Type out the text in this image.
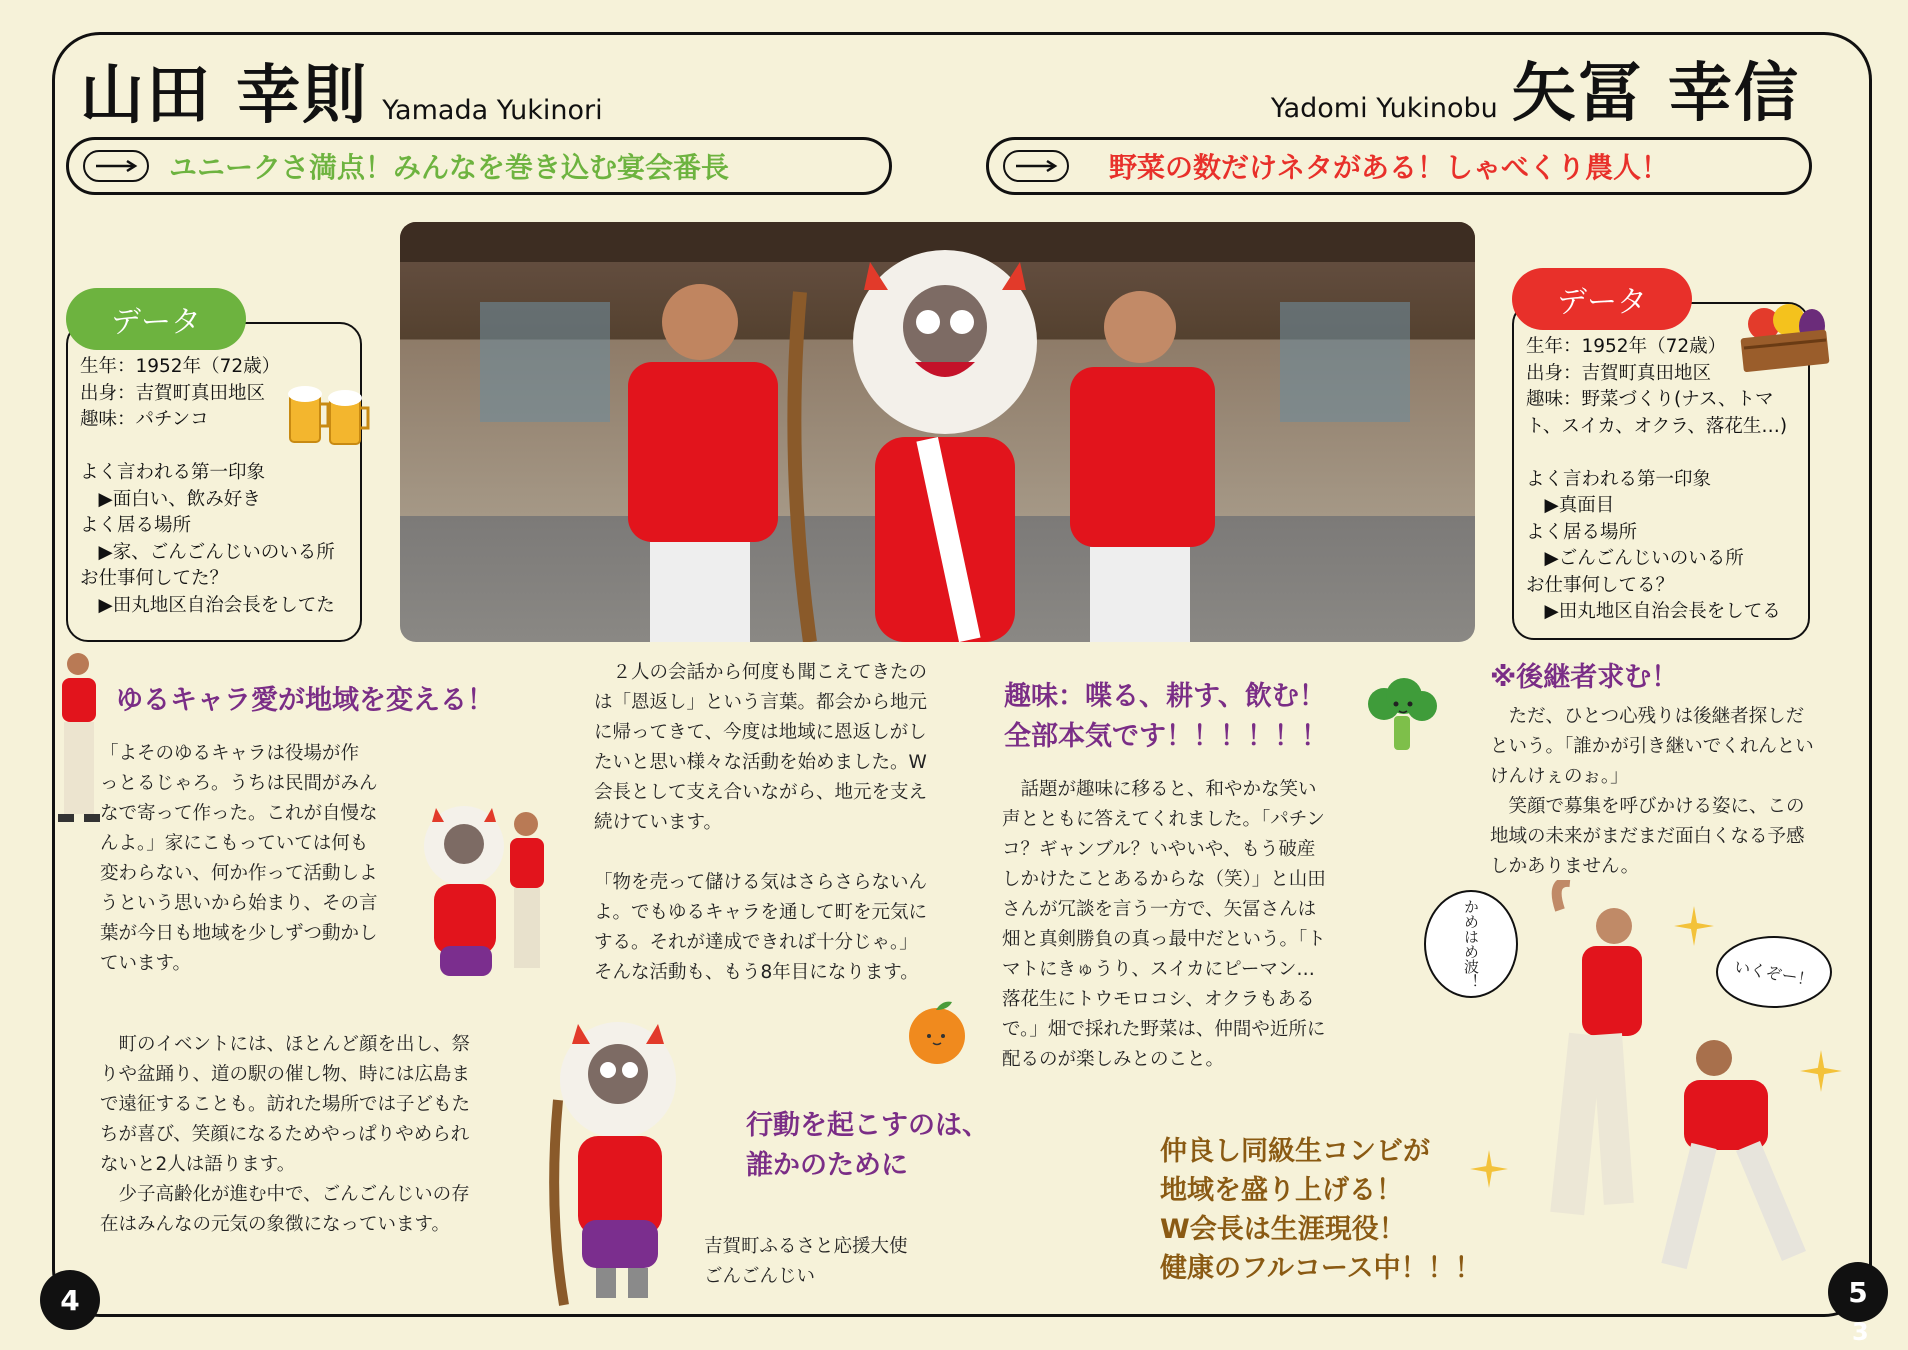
山田 幸則 Yamada Yukinori	Yadomi Yukinobu 矢冨 幸信
ユニークさ満点！みんなを巻き込む宴会番長	野菜の数だけネタがある！しゃべくり農人！
データ
生年：1952年（72歳）
出身：吉賀町真田地区
趣味：パチンコ

よく言われる第一印象
　▶面白い、飲み好き
よく居る場所
　▶家、ごんごんじいのいる所
お仕事何してた？
　▶田丸地区自治会長をしてた
データ
生年：1952年（72歳）
出身：吉賀町真田地区
趣味：野菜づくり(ナス、トマ
ト、スイカ、オクラ、落花生…)

よく言われる第一印象
　▶真面目
よく居る場所
　▶ごんごんじいのいる所
お仕事何してる？
　▶田丸地区自治会長をしてる
ゆるキャラ愛が地域を変える！
「よそのゆるキャラは役場が作
っとるじゃろ。うちは民間がみん
なで寄って作った。これが自慢な
んよ。」家にこもっていては何も
変わらない、何か作って活動しよ
うという思いから始まり、その言
葉が今日も地域を少しずつ動かし
ています。
　町のイベントには、ほとんど顔を出し、祭
りや盆踊り、道の駅の催し物、時には広島ま
で遠征することも。訪れた場所では子どもた
ちが喜び、笑顔になるためやっぱりやめられ
ないと2人は語ります。
　少子高齢化が進む中で、ごんごんじいの存
在はみんなの元気の象徴になっています。
　２人の会話から何度も聞こえてきたの
は「恩返し」という言葉。都会から地元
に帰ってきて、今度は地域に恩返しがし
たいと思い様々な活動を始めました。W
会長として支え合いながら、地元を支え
続けています。

「物を売って儲ける気はさらさらないん
よ。でもゆるキャラを通して町を元気に
する。それが達成できれば十分じゃ。」
そんな活動も、もう8年目になります。
行動を起こすのは、
誰かのために
吉賀町ふるさと応援大使
ごんごんじい
趣味：喋る、耕す、飲む！
全部本気です！！！！！！
　話題が趣味に移ると、和やかな笑い
声とともに答えてくれました。「パチン
コ？ギャンブル？いやいや、もう破産
しかけたことあるからな（笑）」と山田
さんが冗談を言う一方で、矢冨さんは
畑と真剣勝負の真っ最中だという。「ト
マトにきゅうり、スイカにピーマン…
落花生にトウモロコシ、オクラもある
で。」畑で採れた野菜は、仲間や近所に
配るのが楽しみとのこと。
仲良し同級生コンビが
地域を盛り上げる！
W会長は生涯現役！
健康のフルコース中！！！
※後継者求む！
　ただ、ひとつ心残りは後継者探しだ
という。「誰かが引き継いでくれんとい
けんけぇのぉ。」
　笑顔で募集を呼びかける姿に、この
地域の未来がまだまだ面白くなる予感
しかありません。
かめはめ波！	いくぞー！
4	5
3
